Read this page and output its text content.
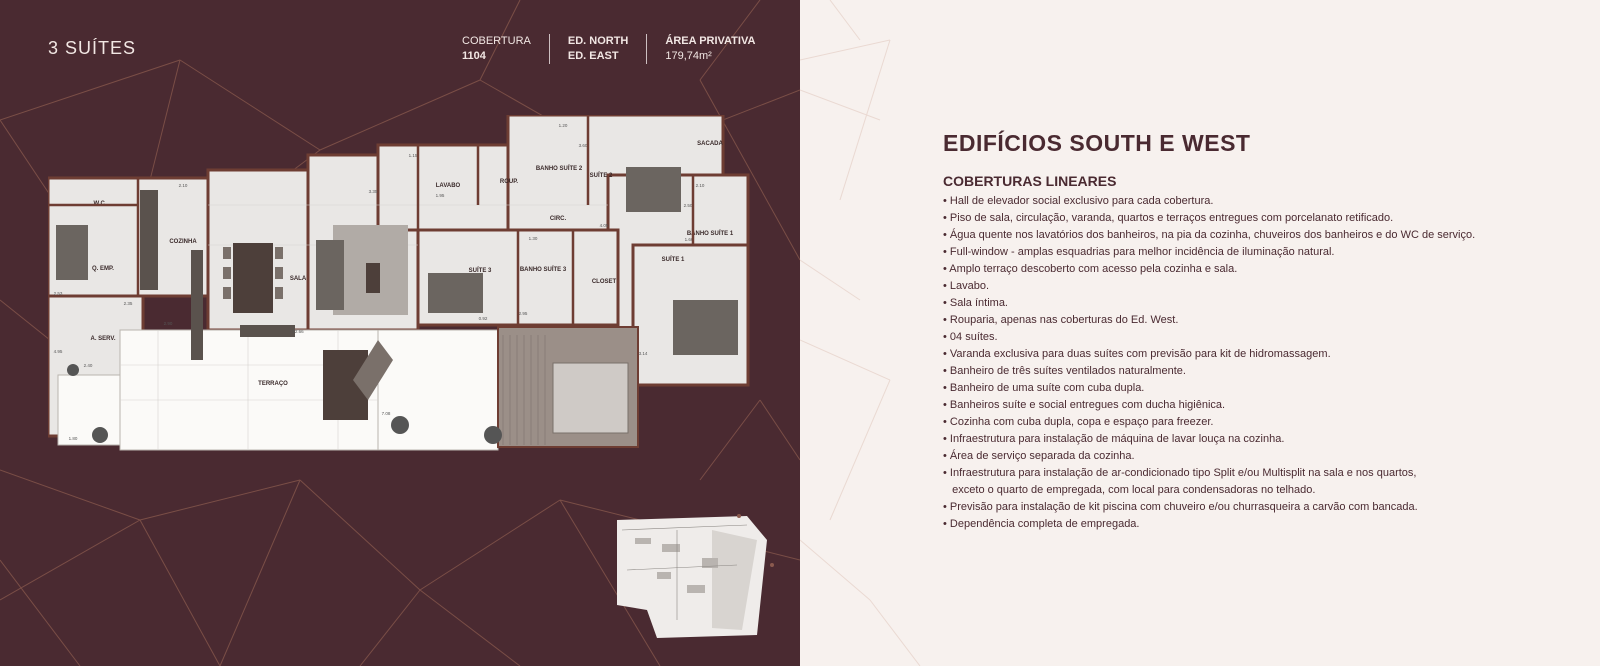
3 SUÍTES	COBERTURA
1104
ED. NORTH
ED. EAST
ÁREA PRIVATIVA
179,74m²
W.C.
Q. EMP.
COZINHA
A. SERV.
SALA
LAVABO
ROUP.
BANHO SUÍTE 2
SUÍTE 2
SACADA
CIRC.
BANHO SUÍTE 1
SUÍTE 1
SUÍTE 3	BANHO SUÍTE 3
CLOSET
TERRAÇO
2.10
2.53
2.35
4.95
2.40
1.95
1.20
2.90
3.35
1.15
3.60
2.50
1.30
2.10
4.05
1.60
3.14
0.92
12.66
2.95
7.08
1.80
EDIFÍCIOS SOUTH E WEST
COBERTURAS LINEARES
• Hall de elevador social exclusivo para cada cobertura.
• Piso de sala, circulação, varanda, quartos e terraços entregues com porcelanato retificado.
• Água quente nos lavatórios dos banheiros, na pia da cozinha, chuveiros dos banheiros e do WC de serviço.
• Full-window - amplas esquadrias para melhor incidência de iluminação natural.
• Amplo terraço descoberto com acesso pela cozinha e sala.
• Lavabo.
• Sala íntima.
• Rouparia, apenas nas coberturas do Ed. West.
• 04 suítes.
• Varanda exclusiva para duas suítes com previsão para kit de hidromassagem.
• Banheiro de três suítes ventilados naturalmente.
• Banheiro de uma suíte com cuba dupla.
• Banheiros suíte e social entregues com ducha higiênica.
• Cozinha com cuba dupla, copa e espaço para freezer.
• Infraestrutura para instalação de máquina de lavar louça na cozinha.
• Área de serviço separada da cozinha.
• Infraestrutura para instalação de ar-condicionado tipo Split e/ou Multisplit na sala e nos quartos,
exceto o quarto de empregada, com local para condensadoras no telhado.
• Previsão para instalação de kit piscina com chuveiro e/ou churrasqueira a carvão com bancada.
• Dependência completa de empregada.
